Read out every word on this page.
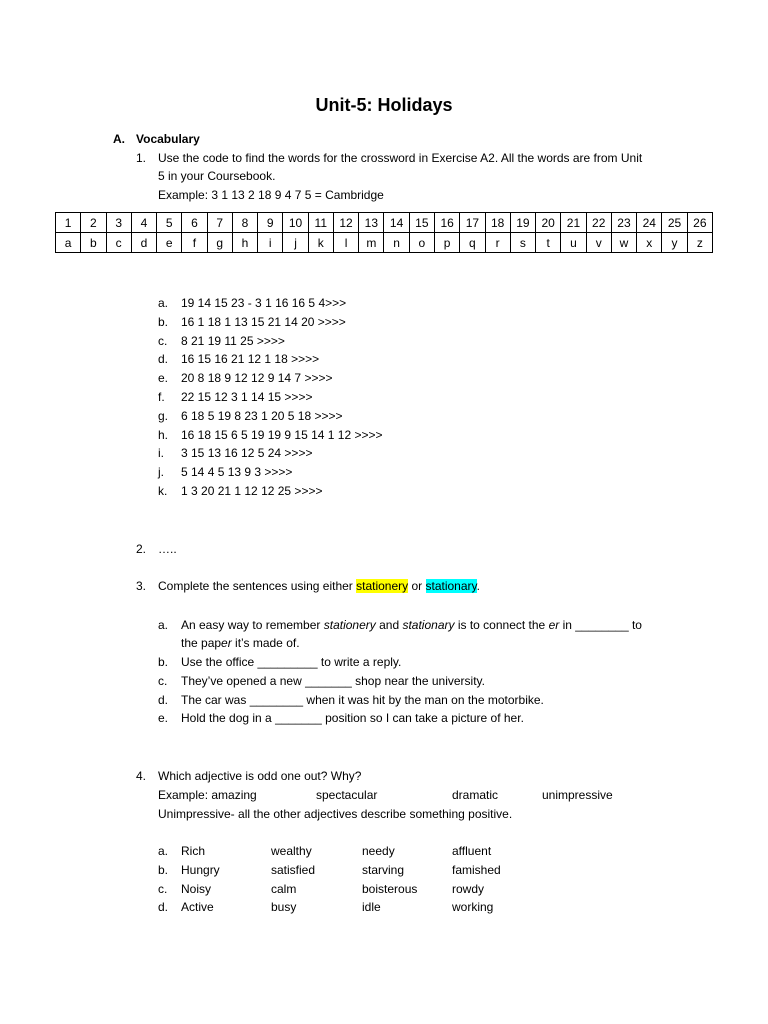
Unit-5: Holidays
A. Vocabulary
1. Use the code to find the words for the crossword in Exercise A2. All the words are from Unit
5 in your Coursebook.
Example: 3 1 13 2 18 9 4 7 5 = Cambridge
1	2	3	4	5	6	7	8	9	10	11	12	13	14	15	16	17	18	19	20	21	22	23	24	25	26
a	b	c	d	e	f	g	h	i	j	k	l	m	n	o	p	q	r	s	t	u	v	w	x	y	z
a. 19 14 15 23 - 3 1 16 16 5 4>>>
b. 16 1 18 1 13 15 21 14 20 >>>>
c. 8 21 19 11 25 >>>>
d. 16 15 16 21 12 1 18 >>>>
e. 20 8 18 9 12 12 9 14 7 >>>>
f. 22 15 12 3 1 14 15 >>>>
g. 6 18 5 19 8 23 1 20 5 18 >>>>
h. 16 18 15 6 5 19 19 9 15 14 1 12 >>>>
i. 3 15 13 16 12 5 24 >>>>
j. 5 14 4 5 13 9 3 >>>>
k. 1 3 20 21 1 12 12 25 >>>>
2. …..
3. Complete the sentences using either stationery or stationary.
a. An easy way to remember stationery and stationary is to connect the er in ________ to
the paper it’s made of.
b. Use the office _________ to write a reply.
c. They’ve opened a new _______ shop near the university.
d. The car was ________ when it was hit by the man on the motorbike.
e. Hold the dog in a _______ position so I can take a picture of her.
4. Which adjective is odd one out? Why?
Example: amazing	spectacular	dramatic	unimpressive
Unimpressive- all the other adjectives describe something positive.
a. Rich	wealthy	needy	affluent
b. Hungry	satisfied	starving	famished
c. Noisy	calm	boisterous	rowdy
d. Active	busy	idle	working
